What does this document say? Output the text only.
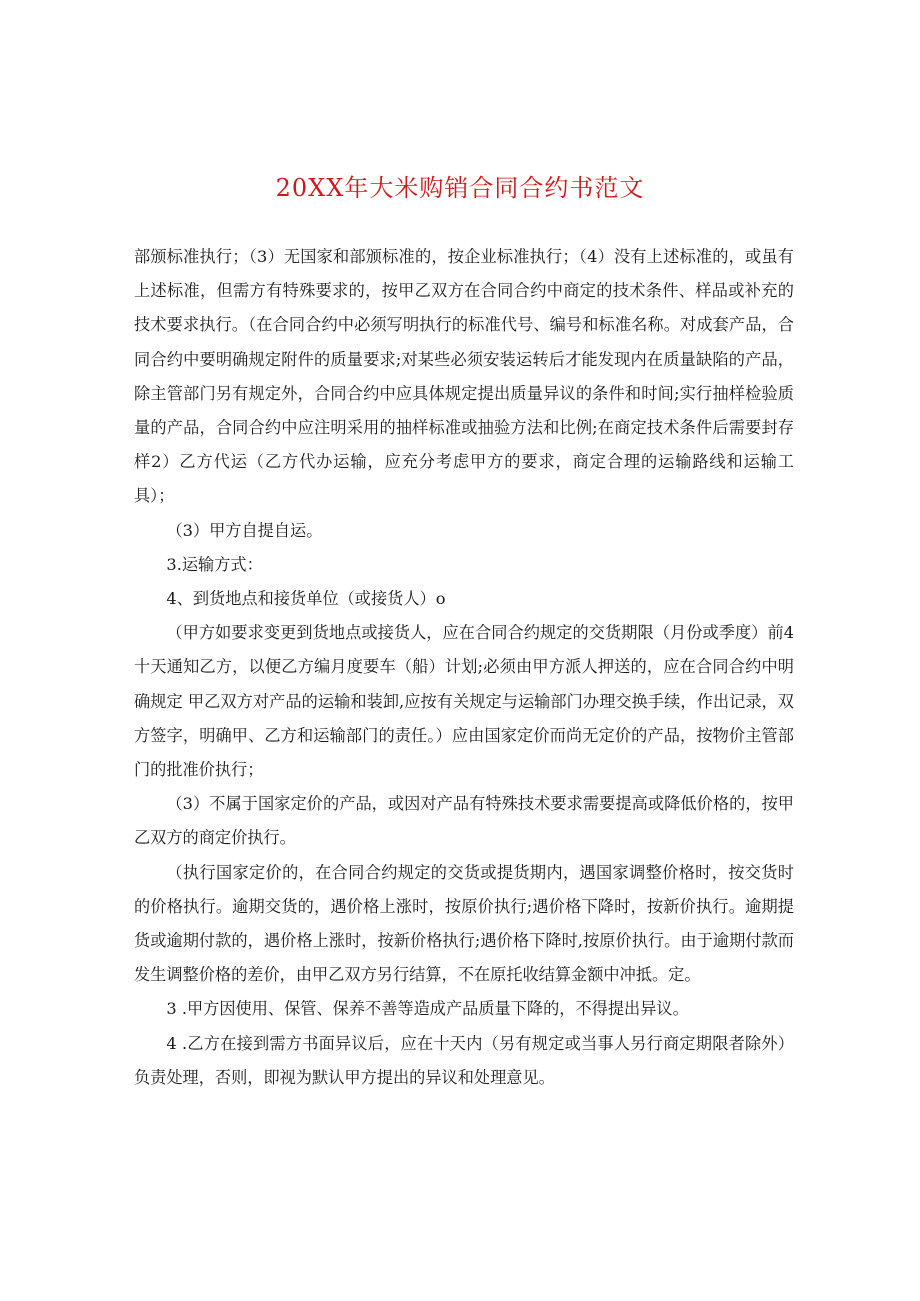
20XX年大米购销合同合约书范文

部颁标准执行；（3）无国家和部颁标准的，按企业标准执行；（4）没有上述标准的，或虽有上述标准，但需方有特殊要求的，按甲乙双方在合同合约中商定的技术条件、样品或补充的技术要求执行。（在合同合约中必须写明执行的标准代号、编号和标准名称。对成套产品，合同合约中要明确规定附件的质量要求;对某些必须安装运转后才能发现内在质量缺陷的产品，除主管部门另有规定外，合同合约中应具体规定提出质量异议的条件和时间;实行抽样检验质量的产品，合同合约中应注明采用的抽样标准或抽验方法和比例;在商定技术条件后需要封存样2）乙方代运（乙方代办运输，应充分考虑甲方的要求，商定合理的运输路线和运输工具）；

（3）甲方自提自运。

3.运输方式：

4、到货地点和接货单位（或接货人）o

（甲方如要求变更到货地点或接货人，应在合同合约规定的交货期限（月份或季度）前4十天通知乙方，以便乙方编月度要车（船）计划;必须由甲方派人押送的，应在合同合约中明确规定 甲乙双方对产品的运输和装卸,应按有关规定与运输部门办理交换手续，作出记录，双方签字，明确甲、乙方和运输部门的责任。）应由国家定价而尚无定价的产品，按物价主管部门的批准价执行；

（3）不属于国家定价的产品，或因对产品有特殊技术要求需要提高或降低价格的，按甲乙双方的商定价执行。

（执行国家定价的，在合同合约规定的交货或提货期内，遇国家调整价格时，按交货时的价格执行。逾期交货的，遇价格上涨时，按原价执行;遇价格下降时，按新价执行。逾期提货或逾期付款的，遇价格上涨时，按新价格执行;遇价格下降时,按原价执行。由于逾期付款而发生调整价格的差价，由甲乙双方另行结算，不在原托收结算金额中冲抵。定。

3 .甲方因使用、保管、保养不善等造成产品质量下降的，不得提出异议。

4 .乙方在接到需方书面异议后，应在十天内（另有规定或当事人另行商定期限者除外）负责处理，否则，即视为默认甲方提出的异议和处理意见。
